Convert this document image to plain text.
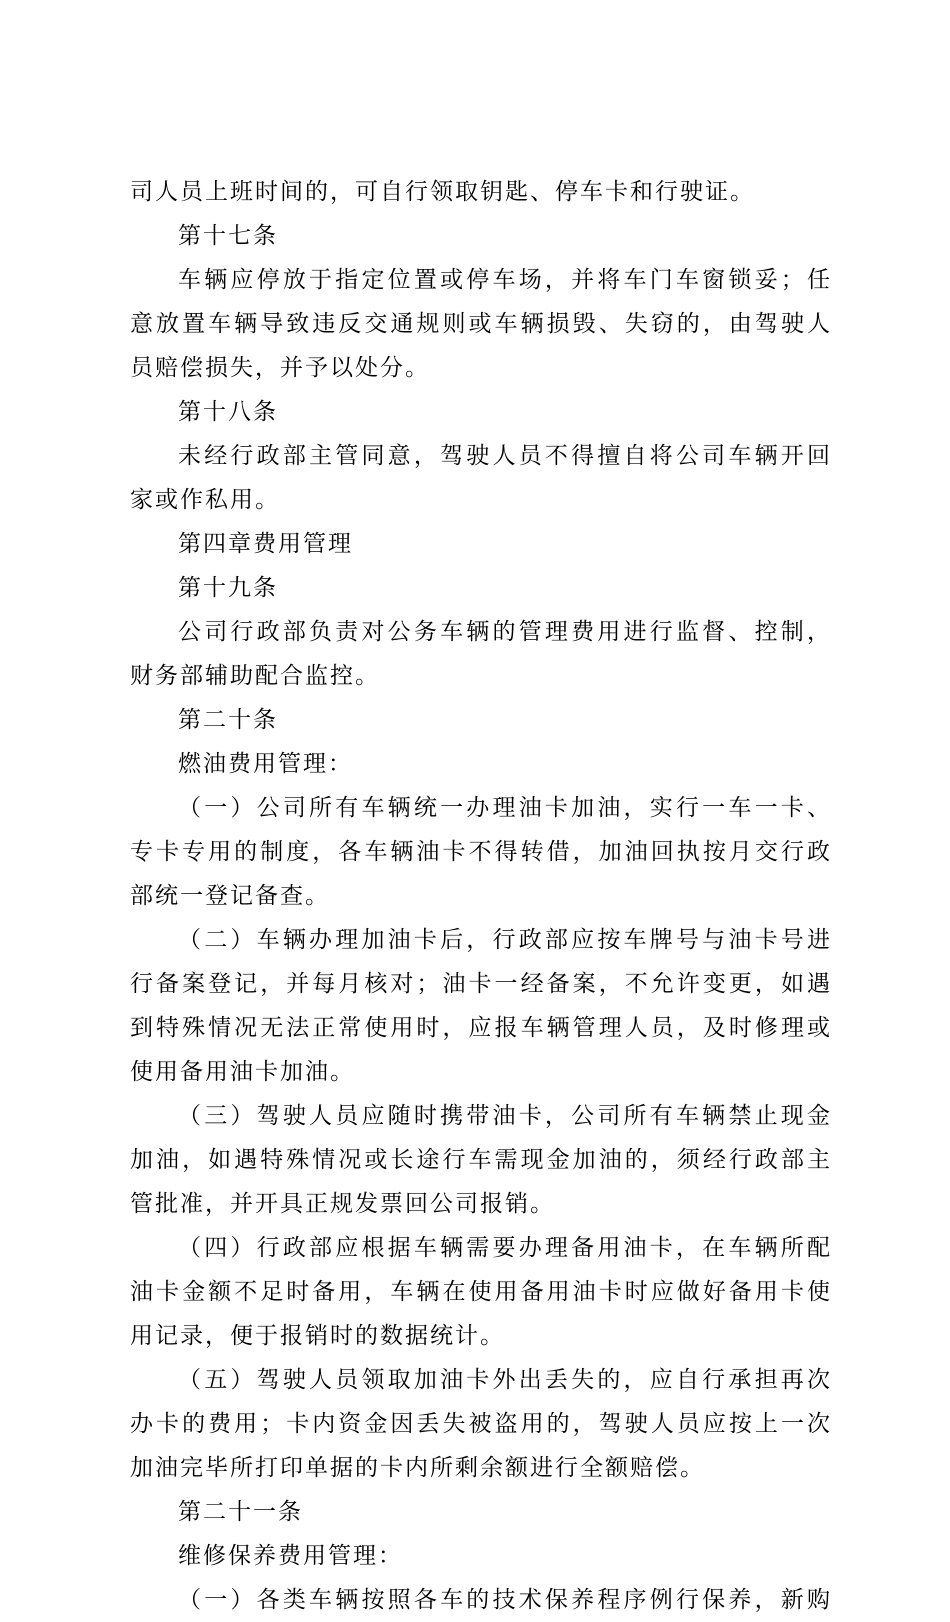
司人员上班时间的，可自行领取钥匙、停车卡和行驶证。
第十七条
车辆应停放于指定位置或停车场，并将车门车窗锁妥；任
意放置车辆导致违反交通规则或车辆损毁、失窃的，由驾驶人
员赔偿损失，并予以处分。
第十八条
未经行政部主管同意，驾驶人员不得擅自将公司车辆开回
家或作私用。
第四章费用管理
第十九条
公司行政部负责对公务车辆的管理费用进行监督、控制，
财务部辅助配合监控。
第二十条
燃油费用管理：
（一）公司所有车辆统一办理油卡加油，实行一车一卡、
专卡专用的制度，各车辆油卡不得转借，加油回执按月交行政
部统一登记备查。
（二）车辆办理加油卡后，行政部应按车牌号与油卡号进
行备案登记，并每月核对；油卡一经备案，不允许变更，如遇
到特殊情况无法正常使用时，应报车辆管理人员，及时修理或
使用备用油卡加油。
（三）驾驶人员应随时携带油卡，公司所有车辆禁止现金
加油，如遇特殊情况或长途行车需现金加油的，须经行政部主
管批准，并开具正规发票回公司报销。
（四）行政部应根据车辆需要办理备用油卡，在车辆所配
油卡金额不足时备用，车辆在使用备用油卡时应做好备用卡使
用记录，便于报销时的数据统计。
（五）驾驶人员领取加油卡外出丢失的，应自行承担再次
办卡的费用；卡内资金因丢失被盗用的，驾驶人员应按上一次
加油完毕所打印单据的卡内所剩余额进行全额赔偿。
第二十一条
维修保养费用管理：
（一）各类车辆按照各车的技术保养程序例行保养，新购
